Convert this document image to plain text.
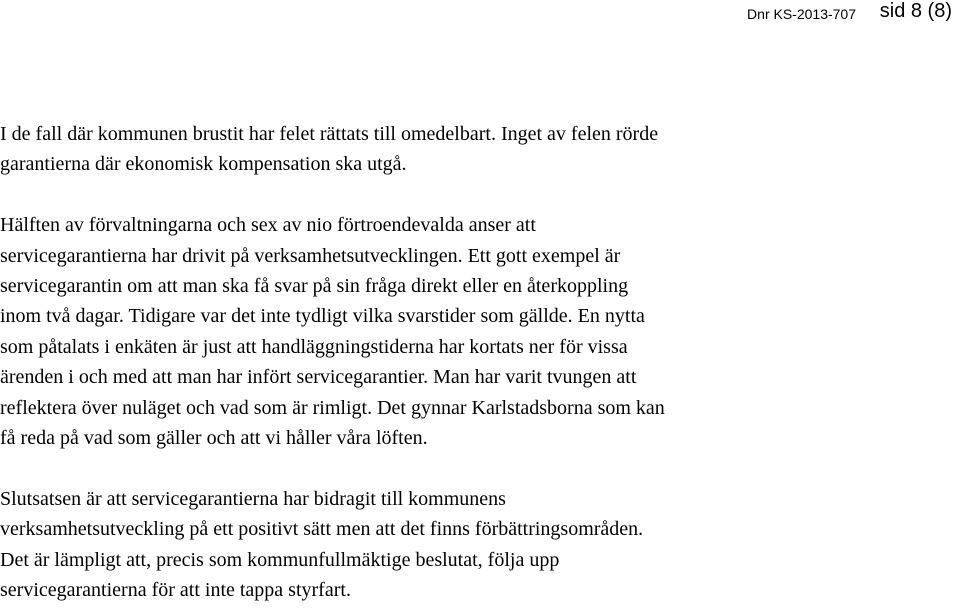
Dnr KS-2013-707 sid 8 (8)

I de fall där kommunen brustit har felet rättats till omedelbart. Inget av felen rörde
garantierna där ekonomisk kompensation ska utgå.

Hälften av förvaltningarna och sex av nio förtroendevalda anser att
servicegarantierna har drivit på verksamhetsutvecklingen. Ett gott exempel är
servicegarantin om att man ska få svar på sin fråga direkt eller en återkoppling
inom två dagar. Tidigare var det inte tydligt vilka svarstider som gällde. En nytta
som påtalats i enkäten är just att handläggningstiderna har kortats ner för vissa
ärenden i och med att man har infört servicegarantier. Man har varit tvungen att
reflektera över nuläget och vad som är rimligt. Det gynnar Karlstadsborna som kan
få reda på vad som gäller och att vi håller våra löften.

Slutsatsen är att servicegarantierna har bidragit till kommunens
verksamhetsutveckling på ett positivt sätt men att det finns förbättringsområden.
Det är lämpligt att, precis som kommunfullmäktige beslutat, följa upp
servicegarantierna för att inte tappa styrfart.
